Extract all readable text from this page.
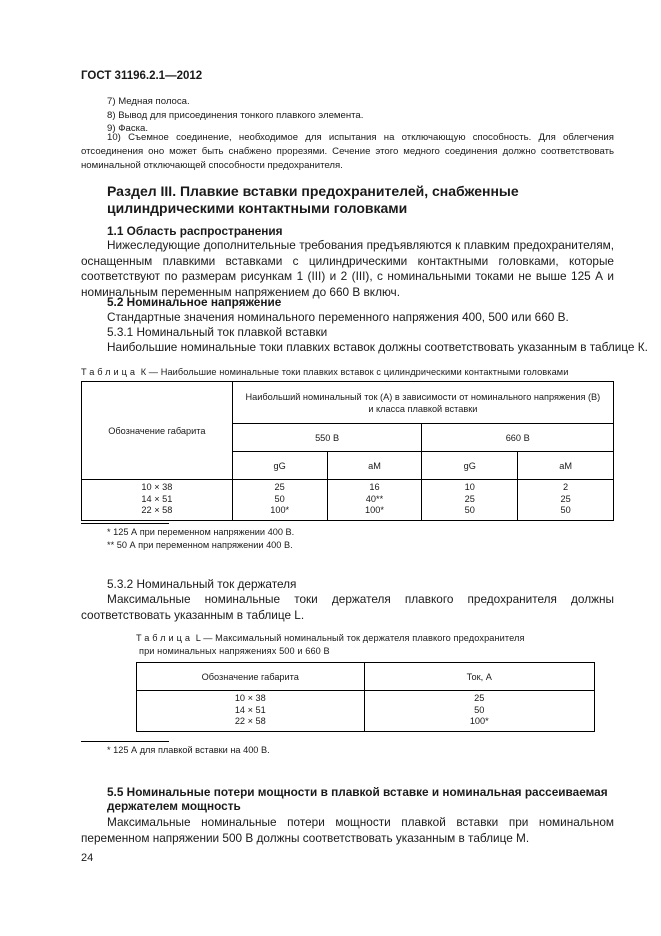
ГОСТ 31196.2.1—2012
7) Медная полоса.
8) Вывод для присоединения тонкого плавкого элемента.
9) Фаска.
10) Съемное соединение, необходимое для испытания на отключающую способность. Для облегчения отсоединения оно может быть снабжено прорезями. Сечение этого медного соединения должно соответствовать номинальной отключающей способности предохранителя.
Раздел III. Плавкие вставки предохранителей, снабженные
цилиндрическими контактными головками
1.1 Область распространения
Нижеследующие дополнительные требования предъявляются к плавким предохранителям, оснащенным плавкими вставками с цилиндрическими контактными головками, которые соответствуют по размерам рисункам 1 (III) и 2 (III), с номинальными токами не выше 125 А и номинальным переменным напряжением до 660 В включ.
5.2 Номинальное напряжение
Стандартные значения номинального переменного напряжения 400, 500 или 660 В.
5.3.1 Номинальный ток плавкой вставки
Наибольшие номинальные токи плавких вставок должны соответствовать указанным в таблице К.
Таблица К — Наибольшие номинальные токи плавких вставок с цилиндрическими контактными головками
Обозначение габарита	Наибольший номинальный ток (А) в зависимости от номинального напряжения (В)
и класса плавкой вставки			

	550 В		660 В	
	gG	aM	gG	aM
10 × 38	25	16	10	2
14 × 51	50	40**	25	25
22 × 58	100*	100*	50	50
* 125 А при переменном напряжении 400 В.
** 50 А при переменном напряжении 400 В.
5.3.2 Номинальный ток держателя
Максимальные номинальные токи держателя плавкого предохранителя должны соответствовать указанным в таблице L.
Таблица L — Максимальный номинальный ток держателя плавкого предохранителя
при номинальных напряжениях 500 и 660 В
Обозначение габарита	Ток, А
10 × 38	25
14 × 51	50
22 × 58	100*
* 125 А для плавкой вставки на 400 В.
5.5 Номинальные потери мощности в плавкой вставке и номинальная рассеиваемая
держателем мощность
Максимальные номинальные потери мощности плавкой вставки при номинальном переменном напряжении 500 В должны соответствовать указанным в таблице М.
24
